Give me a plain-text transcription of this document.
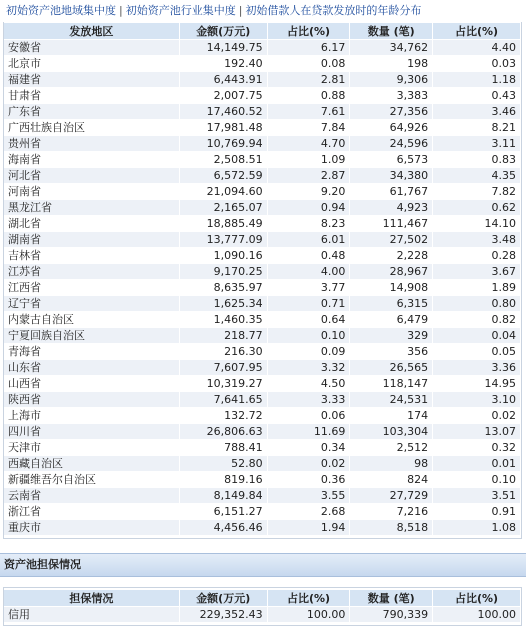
初始资产池地域集中度 | 初始资产池行业集中度 | 初始借款人在贷款发放时的年龄分布
发放地区	金额(万元)	占比(%)	数量 (笔)	占比(%)
安徽省	14,149.75	6.17	34,762	4.40
北京市	192.40	0.08	198	0.03
福建省	6,443.91	2.81	9,306	1.18
甘肃省	2,007.75	0.88	3,383	0.43
广东省	17,460.52	7.61	27,356	3.46
广西壮族自治区	17,981.48	7.84	64,926	8.21
贵州省	10,769.94	4.70	24,596	3.11
海南省	2,508.51	1.09	6,573	0.83
河北省	6,572.59	2.87	34,380	4.35
河南省	21,094.60	9.20	61,767	7.82
黑龙江省	2,165.07	0.94	4,923	0.62
湖北省	18,885.49	8.23	111,467	14.10
湖南省	13,777.09	6.01	27,502	3.48
吉林省	1,090.16	0.48	2,228	0.28
江苏省	9,170.25	4.00	28,967	3.67
江西省	8,635.97	3.77	14,908	1.89
辽宁省	1,625.34	0.71	6,315	0.80
内蒙古自治区	1,460.35	0.64	6,479	0.82
宁夏回族自治区	218.77	0.10	329	0.04
青海省	216.30	0.09	356	0.05
山东省	7,607.95	3.32	26,565	3.36
山西省	10,319.27	4.50	118,147	14.95
陕西省	7,641.65	3.33	24,531	3.10
上海市	132.72	0.06	174	0.02
四川省	26,806.63	11.69	103,304	13.07
天津市	788.41	0.34	2,512	0.32
西藏自治区	52.80	0.02	98	0.01
新疆维吾尔自治区	819.16	0.36	824	0.10
云南省	8,149.84	3.55	27,729	3.51
浙江省	6,151.27	2.68	7,216	0.91
重庆市	4,456.46	1.94	8,518	1.08
资产池担保情况
担保情况	金额(万元)	占比(%)	数量 (笔)	占比(%)
信用	229,352.43	100.00	790,339	100.00
